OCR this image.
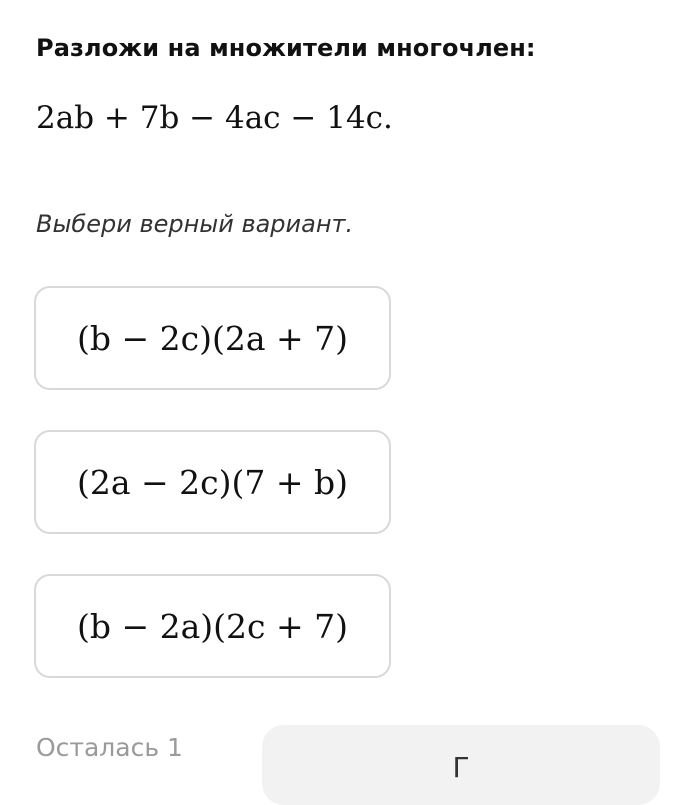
Разложи на множители многочлен:
2ab + 7b − 4ac − 14c.
Выбери верный вариант.
(b − 2c)(2a + 7)
(2a − 2c)(7 + b)
(b − 2a)(2c + 7)
Осталась 1
Г
